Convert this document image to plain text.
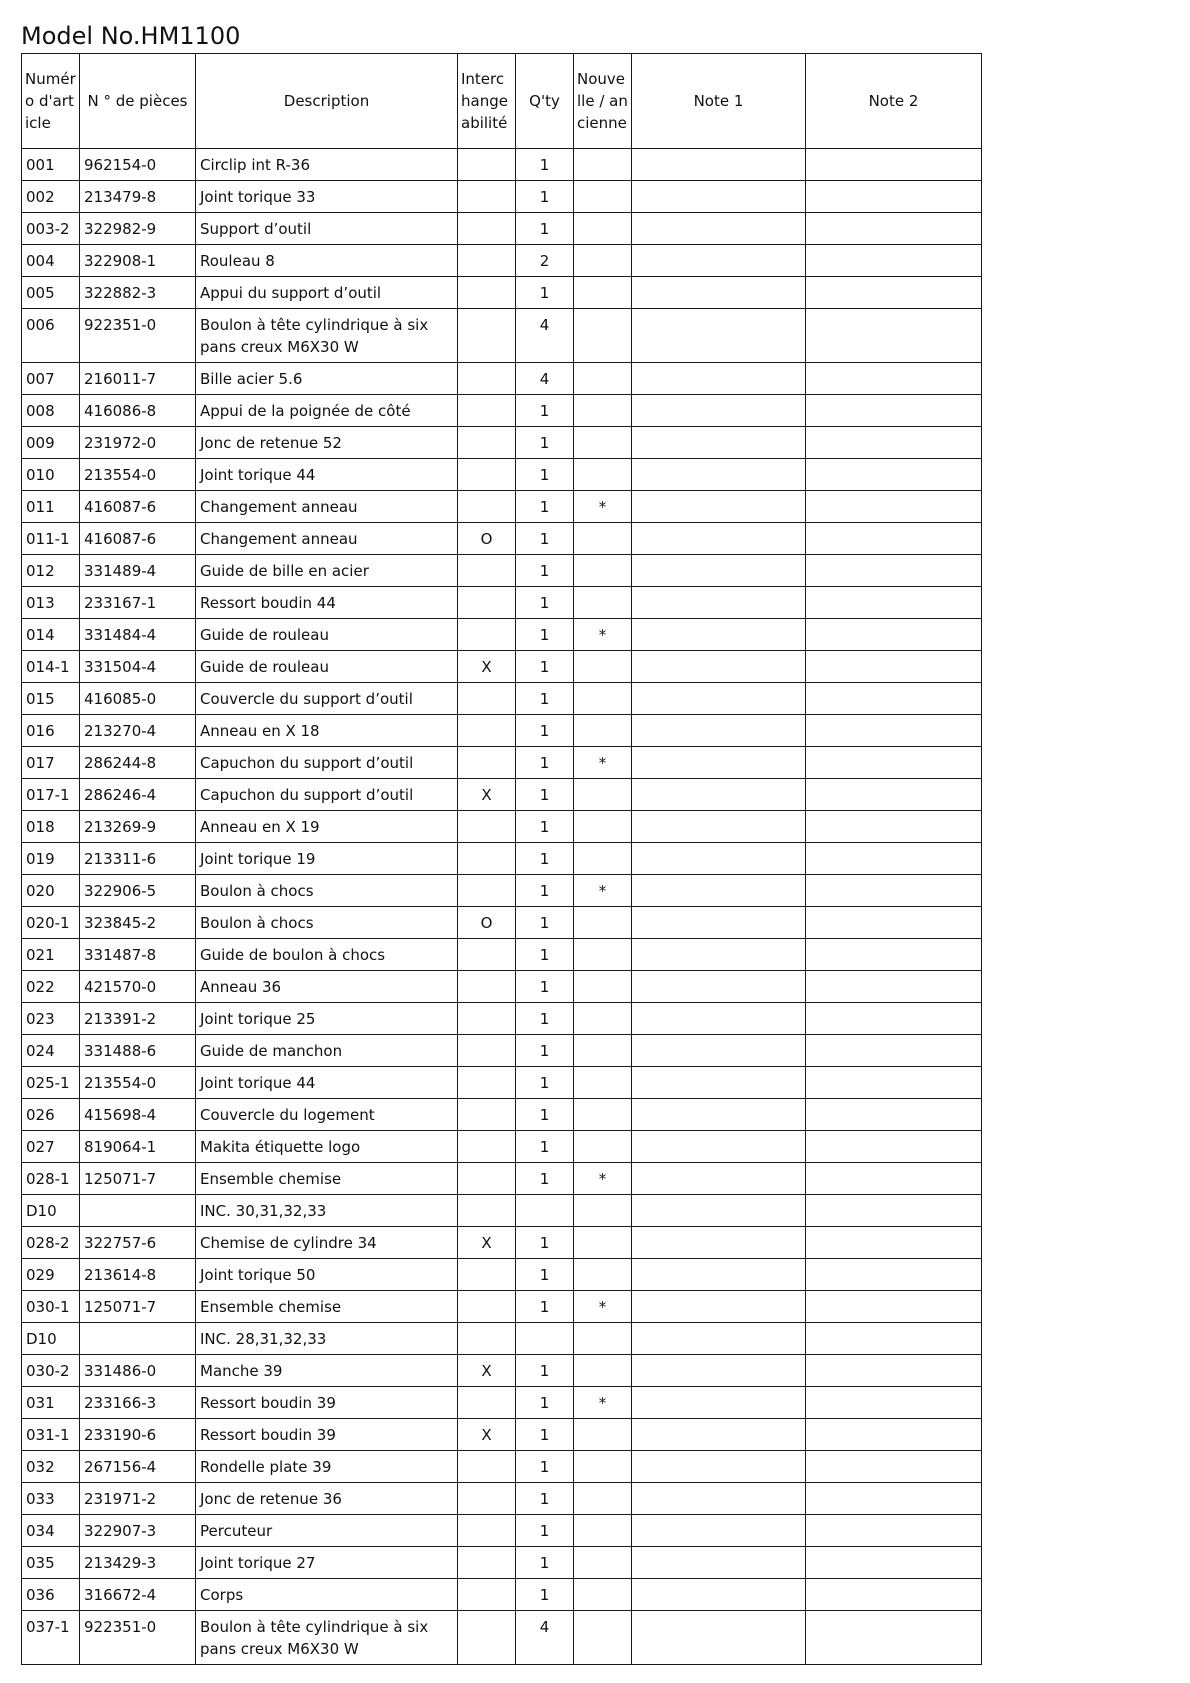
Model No.HM1100
Numéro d'article	N ° de pièces	Description	Interchangeabilité	Q'ty	Nouvelle / ancienne	Note 1	Note 2
001	962154-0	Circlip int R-36		1			
002	213479-8	Joint torique 33		1			
003-2	322982-9	Support d’outil		1			
004	322908-1	Rouleau 8		2			
005	322882-3	Appui du support d’outil		1			
006	922351-0	Boulon à tête cylindrique à six pans creux M6X30 W		4			
007	216011-7	Bille acier 5.6		4			
008	416086-8	Appui de la poignée de côté		1			
009	231972-0	Jonc de retenue 52		1			
010	213554-0	Joint torique 44		1			
011	416087-6	Changement anneau		1	*		
011-1	416087-6	Changement anneau	O	1			
012	331489-4	Guide de bille en acier		1			
013	233167-1	Ressort boudin 44		1			
014	331484-4	Guide de rouleau		1	*		
014-1	331504-4	Guide de rouleau	X	1			
015	416085-0	Couvercle du support d’outil		1			
016	213270-4	Anneau en X 18		1			
017	286244-8	Capuchon du support d’outil		1	*		
017-1	286246-4	Capuchon du support d’outil	X	1			
018	213269-9	Anneau en X 19		1			
019	213311-6	Joint torique 19		1			
020	322906-5	Boulon à chocs		1	*		
020-1	323845-2	Boulon à chocs	O	1			
021	331487-8	Guide de boulon à chocs		1			
022	421570-0	Anneau 36		1			
023	213391-2	Joint torique 25		1			
024	331488-6	Guide de manchon		1			
025-1	213554-0	Joint torique 44		1			
026	415698-4	Couvercle du logement		1			
027	819064-1	Makita étiquette logo		1			
028-1	125071-7	Ensemble chemise		1	*		
D10		INC. 30,31,32,33					
028-2	322757-6	Chemise de cylindre 34	X	1			
029	213614-8	Joint torique 50		1			
030-1	125071-7	Ensemble chemise		1	*		
D10		INC. 28,31,32,33					
030-2	331486-0	Manche 39	X	1			
031	233166-3	Ressort boudin 39		1	*		
031-1	233190-6	Ressort boudin 39	X	1			
032	267156-4	Rondelle plate 39		1			
033	231971-2	Jonc de retenue 36		1			
034	322907-3	Percuteur		1			
035	213429-3	Joint torique 27		1			
036	316672-4	Corps		1			
037-1	922351-0	Boulon à tête cylindrique à six pans creux M6X30 W		4			
